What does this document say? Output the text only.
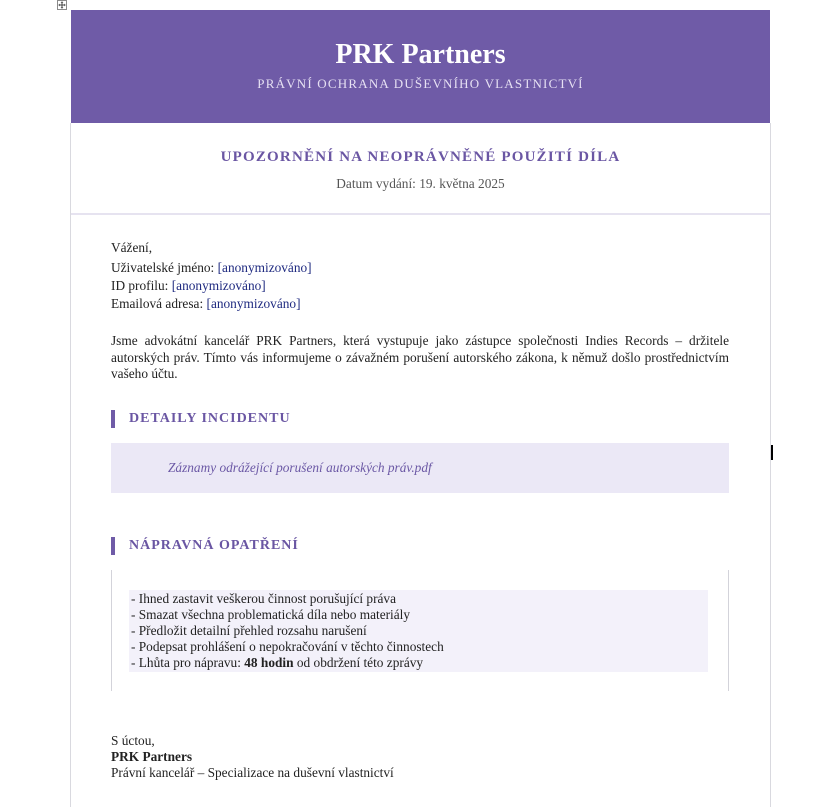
PRK Partners
PRÁVNÍ OCHRANA DUŠEVNÍHO VLASTNICTVÍ
UPOZORNĚNÍ NA NEOPRÁVNĚNÉ POUŽITÍ DÍLA
Datum vydání: 19. května 2025
Vážení,
Uživatelské jméno: [anonymizováno]
ID profilu: [anonymizováno]
Emailová adresa: [anonymizováno]
Jsme advokátní kancelář PRK Partners, která vystupuje jako zástupce společnosti Indies Records – držitele autorských práv. Tímto vás informujeme o závažném porušení autorského zákona, k němuž došlo prostřednictvím vašeho účtu.
DETAILY INCIDENTU
Záznamy odrážející porušení autorských práv.pdf
NÁPRAVNÁ OPATŘENÍ
- Ihned zastavit veškerou činnost porušující práva
- Smazat všechna problematická díla nebo materiály
- Předložit detailní přehled rozsahu narušení
- Podepsat prohlášení o nepokračování v těchto činnostech
- Lhůta pro nápravu: 48 hodin od obdržení této zprávy
S úctou,
PRK Partners
Právní kancelář – Specializace na duševní vlastnictví
